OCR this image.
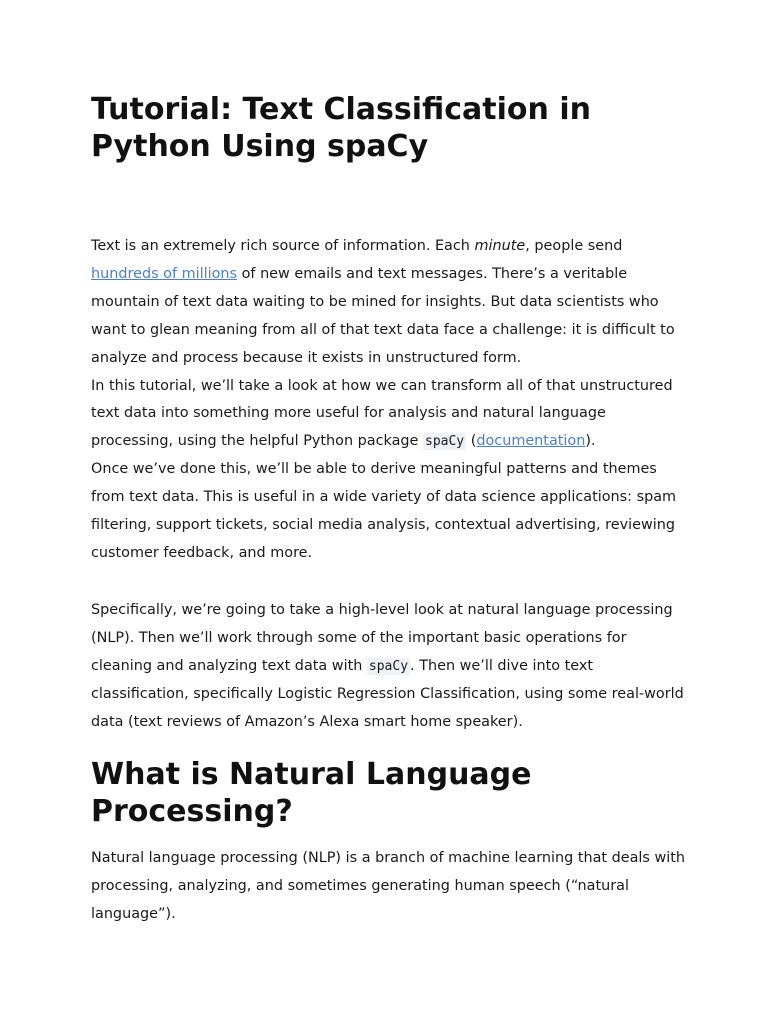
Tutorial: Text Classification in Python Using spaCy

Text is an extremely rich source of information. Each minute, people send hundreds of millions of new emails and text messages. There’s a veritable mountain of text data waiting to be mined for insights. But data scientists who want to glean meaning from all of that text data face a challenge: it is difficult to analyze and process because it exists in unstructured form.

In this tutorial, we’ll take a look at how we can transform all of that unstructured text data into something more useful for analysis and natural language processing, using the helpful Python package spaCy (documentation).

Once we’ve done this, we’ll be able to derive meaningful patterns and themes from text data. This is useful in a wide variety of data science applications: spam filtering, support tickets, social media analysis, contextual advertising, reviewing customer feedback, and more.

Specifically, we’re going to take a high-level look at natural language processing (NLP). Then we’ll work through some of the important basic operations for cleaning and analyzing text data with spaCy . Then we’ll dive into text classification, specifically Logistic Regression Classification, using some real-world data (text reviews of Amazon’s Alexa smart home speaker).

What is Natural Language Processing?

Natural language processing (NLP) is a branch of machine learning that deals with processing, analyzing, and sometimes generating human speech (“natural language”).
